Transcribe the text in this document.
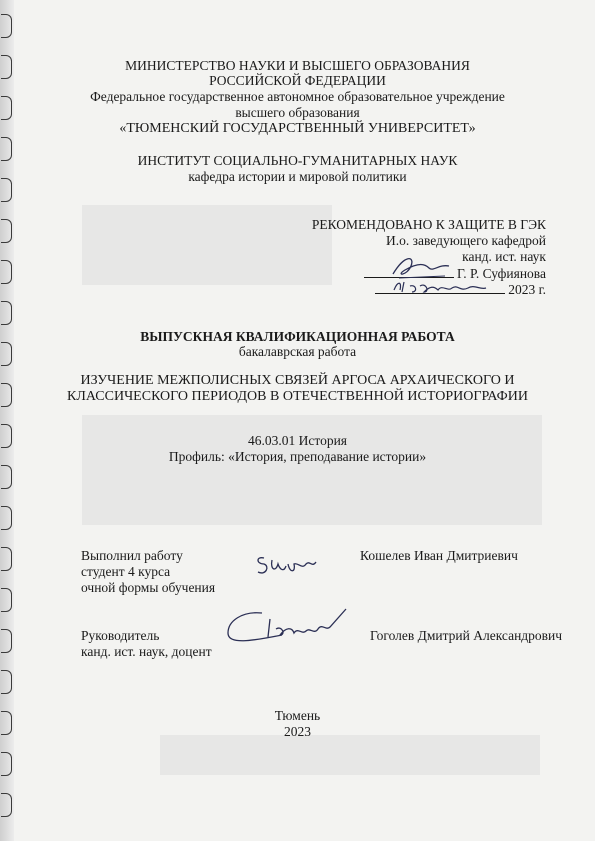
МИНИСТЕРСТВО НАУКИ И ВЫСШЕГО ОБРАЗОВАНИЯ
РОССИЙСКОЙ ФЕДЕРАЦИИ
Федеральное государственное автономное образовательное учреждение
высшего образования
«ТЮМЕНСКИЙ ГОСУДАРСТВЕННЫЙ УНИВЕРСИТЕТ»
ИНСТИТУТ СОЦИАЛЬНО-ГУМАНИТАРНЫХ НАУК
кафедра истории и мировой политики
РЕКОМЕНДОВАНО К ЗАЩИТЕ В ГЭК
И.о. заведующего кафедрой
канд. ист. наук
Г. Р. Суфиянова
2023 г.
ВЫПУСКНАЯ КВАЛИФИКАЦИОННАЯ РАБОТА
бакалаврская работа
ИЗУЧЕНИЕ МЕЖПОЛИСНЫХ СВЯЗЕЙ АРГОСА АРХАИЧЕСКОГО И
КЛАССИЧЕСКОГО ПЕРИОДОВ В ОТЕЧЕСТВЕННОЙ ИСТОРИОГРАФИИ
46.03.01 История
Профиль: «История, преподавание истории»
Выполнил работу
студент 4 курса
очной формы обучения
Кошелев Иван Дмитриевич
Руководитель
канд. ист. наук, доцент
Гоголев Дмитрий Александрович
Тюмень
2023
